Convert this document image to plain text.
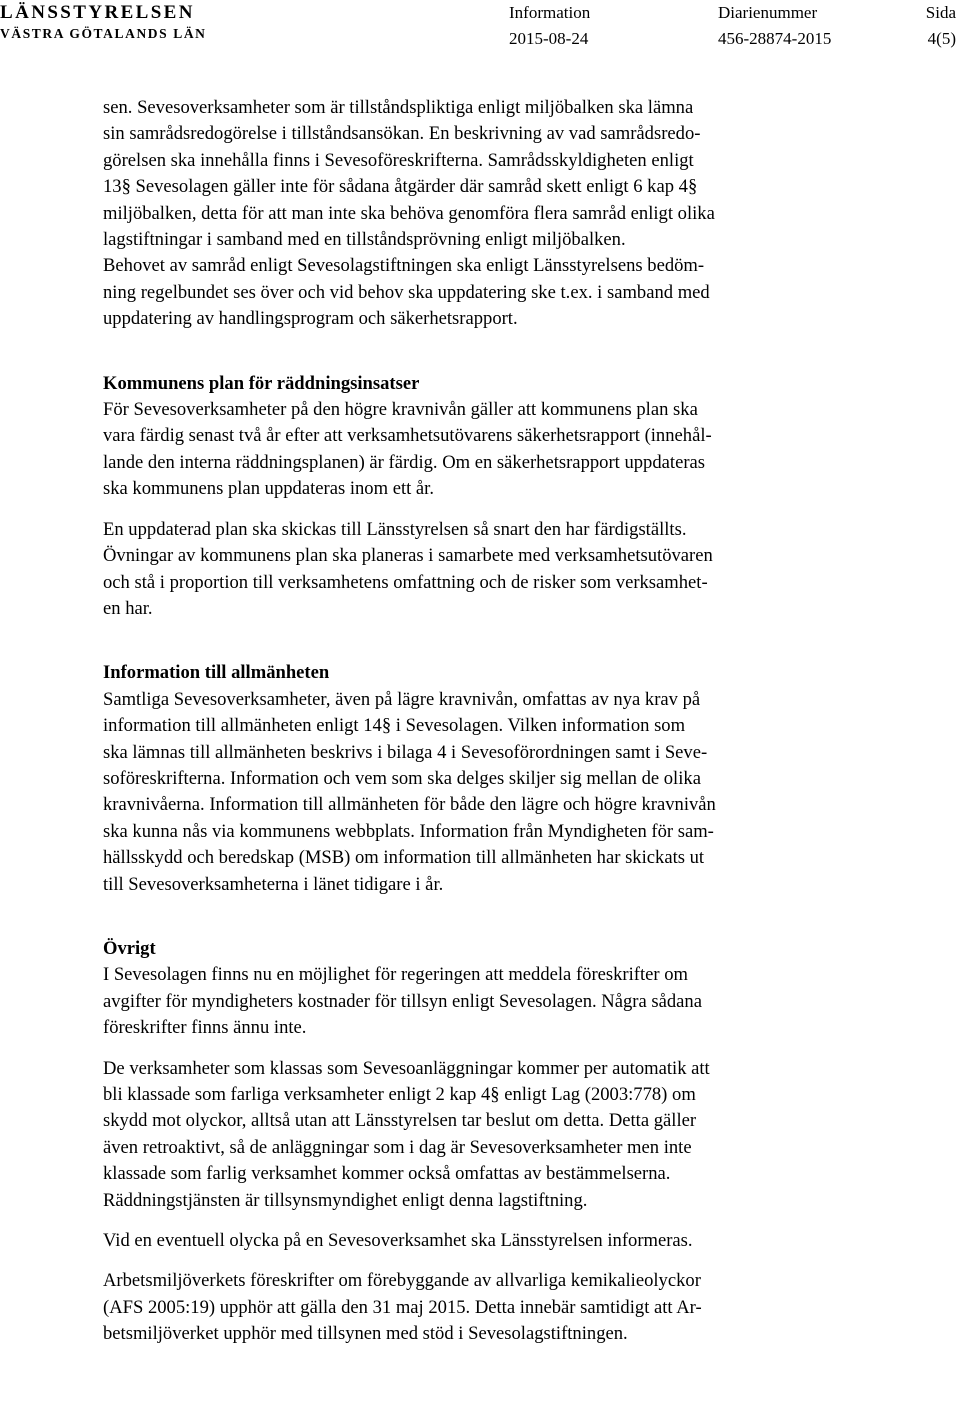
LÄNSSTYRELSEN
VÄSTRA GÖTALANDS LÄN
Information
2015-08-24
Diarienummer
456-28874-2015
Sida
4(5)
sen. Sevesoverksamheter som är tillståndspliktiga enligt miljöbalken ska lämna
sin samrådsredogörelse i tillståndsansökan. En beskrivning av vad samrådsredo-
görelsen ska innehålla finns i Sevesoföreskrifterna. Samrådsskyldigheten enligt
13§ Sevesolagen gäller inte för sådana åtgärder där samråd skett enligt 6 kap 4§
miljöbalken, detta för att man inte ska behöva genomföra flera samråd enligt olika
lagstiftningar i samband med en tillståndsprövning enligt miljöbalken.
Behovet av samråd enligt Sevesolagstiftningen ska enligt Länsstyrelsens bedöm-
ning regelbundet ses över och vid behov ska uppdatering ske t.ex. i samband med
uppdatering av handlingsprogram och säkerhetsrapport.
Kommunens plan för räddningsinsatser
För Sevesoverksamheter på den högre kravnivån gäller att kommunens plan ska
vara färdig senast två år efter att verksamhetsutövarens säkerhetsrapport (innehål-
lande den interna räddningsplanen) är färdig. Om en säkerhetsrapport uppdateras
ska kommunens plan uppdateras inom ett år.
En uppdaterad plan ska skickas till Länsstyrelsen så snart den har färdigställts.
Övningar av kommunens plan ska planeras i samarbete med verksamhetsutövaren
och stå i proportion till verksamhetens omfattning och de risker som verksamhet-
en har.
Information till allmänheten
Samtliga Sevesoverksamheter, även på lägre kravnivån, omfattas av nya krav på
information till allmänheten enligt 14§ i Sevesolagen. Vilken information som
ska lämnas till allmänheten beskrivs i bilaga 4 i Sevesoförordningen samt i Seve-
soföreskrifterna. Information och vem som ska delges skiljer sig mellan de olika
kravnivåerna. Information till allmänheten för både den lägre och högre kravnivån
ska kunna nås via kommunens webbplats. Information från Myndigheten för sam-
hällsskydd och beredskap (MSB) om information till allmänheten har skickats ut
till Sevesoverksamheterna i länet tidigare i år.
Övrigt
I Sevesolagen finns nu en möjlighet för regeringen att meddela föreskrifter om
avgifter för myndigheters kostnader för tillsyn enligt Sevesolagen. Några sådana
föreskrifter finns ännu inte.
De verksamheter som klassas som Sevesoanläggningar kommer per automatik att
bli klassade som farliga verksamheter enligt 2 kap 4§ enligt Lag (2003:778) om
skydd mot olyckor, alltså utan att Länsstyrelsen tar beslut om detta. Detta gäller
även retroaktivt, så de anläggningar som i dag är Sevesoverksamheter men inte
klassade som farlig verksamhet kommer också omfattas av bestämmelserna.
Räddningstjänsten är tillsynsmyndighet enligt denna lagstiftning.
Vid en eventuell olycka på en Sevesoverksamhet ska Länsstyrelsen informeras.
Arbetsmiljöverkets föreskrifter om förebyggande av allvarliga kemikalieolyckor
(AFS 2005:19) upphör att gälla den 31 maj 2015. Detta innebär samtidigt att Ar-
betsmiljöverket upphör med tillsynen med stöd i Sevesolagstiftningen.
